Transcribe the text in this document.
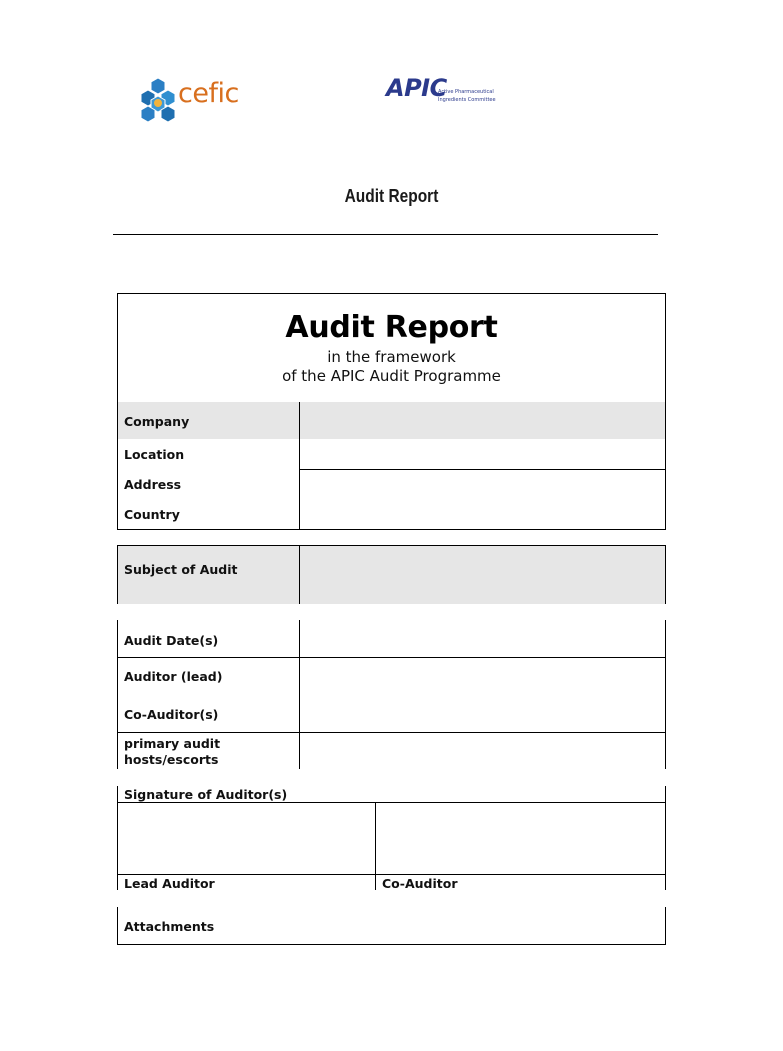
cefic	APIC
Active Pharmaceutical
Ingredients Committee
Audit Report
Audit Report
in the framework
of the APIC Audit Programme
Company
Location
Address
Country
Subject of Audit
Audit Date(s)
Auditor (lead)
Co-Auditor(s)
primary audit
hosts/escorts
Signature of Auditor(s)
Lead Auditor	Co-Auditor
Attachments
